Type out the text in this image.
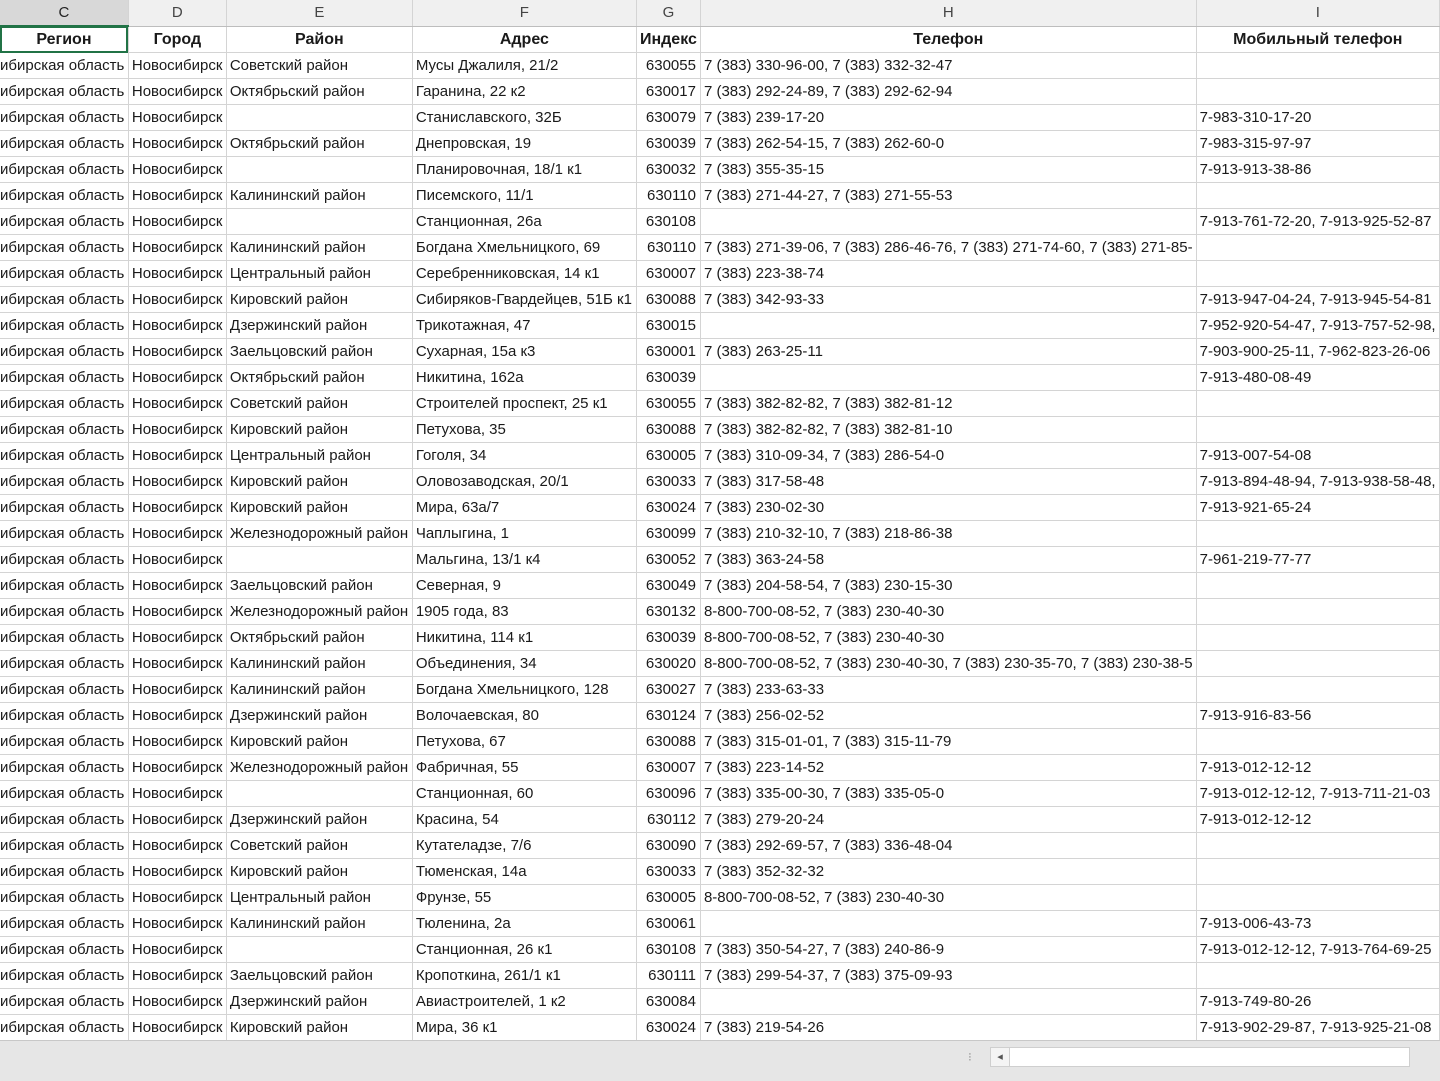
C	D	E	F	G	H	I
Регион	Город	Район	Адрес	Индекс	Телефон	Мобильный телефон
ибирская область	Новосибирск	Советский район	Мусы Джалиля, 21/2	630055	7 (383) 330-96-00, 7 (383) 332-32-47	
ибирская область	Новосибирск	Октябрьский район	Гаранина, 22 к2	630017	7 (383) 292-24-89, 7 (383) 292-62-94	
ибирская область	Новосибирск		Станиславского, 32Б	630079	7 (383) 239-17-20	7-983-310-17-20
ибирская область	Новосибирск	Октябрьский район	Днепровская, 19	630039	7 (383) 262-54-15, 7 (383) 262-60-0	7-983-315-97-97
ибирская область	Новосибирск		Планировочная, 18/1 к1	630032	7 (383) 355-35-15	7-913-913-38-86
ибирская область	Новосибирск	Калининский район	Писемского, 11/1	630110	7 (383) 271-44-27, 7 (383) 271-55-53	
ибирская область	Новосибирск		Станционная, 26а	630108		7-913-761-72-20, 7-913-925-52-87
ибирская область	Новосибирск	Калининский район	Богдана Хмельницкого, 69	630110	7 (383) 271-39-06, 7 (383) 286-46-76, 7 (383) 271-74-60, 7 (383) 271-85-	
ибирская область	Новосибирск	Центральный район	Серебренниковская, 14 к1	630007	7 (383) 223-38-74	
ибирская область	Новосибирск	Кировский район	Сибиряков-Гвардейцев, 51Б к1	630088	7 (383) 342-93-33	7-913-947-04-24, 7-913-945-54-81
ибирская область	Новосибирск	Дзержинский район	Трикотажная, 47	630015		7-952-920-54-47, 7-913-757-52-98,
ибирская область	Новосибирск	Заельцовский район	Сухарная, 15а к3	630001	7 (383) 263-25-11	7-903-900-25-11, 7-962-823-26-06
ибирская область	Новосибирск	Октябрьский район	Никитина, 162а	630039		7-913-480-08-49
ибирская область	Новосибирск	Советский район	Строителей проспект, 25 к1	630055	7 (383) 382-82-82, 7 (383) 382-81-12	
ибирская область	Новосибирск	Кировский район	Петухова, 35	630088	7 (383) 382-82-82, 7 (383) 382-81-10	
ибирская область	Новосибирск	Центральный район	Гоголя, 34	630005	7 (383) 310-09-34, 7 (383) 286-54-0	7-913-007-54-08
ибирская область	Новосибирск	Кировский район	Оловозаводская, 20/1	630033	7 (383) 317-58-48	7-913-894-48-94, 7-913-938-58-48,
ибирская область	Новосибирск	Кировский район	Мира, 63а/7	630024	7 (383) 230-02-30	7-913-921-65-24
ибирская область	Новосибирск	Железнодорожный район	Чаплыгина, 1	630099	7 (383) 210-32-10, 7 (383) 218-86-38	
ибирская область	Новосибирск		Мальгина, 13/1 к4	630052	7 (383) 363-24-58	7-961-219-77-77
ибирская область	Новосибирск	Заельцовский район	Северная, 9	630049	7 (383) 204-58-54, 7 (383) 230-15-30	
ибирская область	Новосибирск	Железнодорожный район	1905 года, 83	630132	8-800-700-08-52, 7 (383) 230-40-30	
ибирская область	Новосибирск	Октябрьский район	Никитина, 114 к1	630039	8-800-700-08-52, 7 (383) 230-40-30	
ибирская область	Новосибирск	Калининский район	Объединения, 34	630020	8-800-700-08-52, 7 (383) 230-40-30, 7 (383) 230-35-70, 7 (383) 230-38-5	
ибирская область	Новосибирск	Калининский район	Богдана Хмельницкого, 128	630027	7 (383) 233-63-33	
ибирская область	Новосибирск	Дзержинский район	Волочаевская, 80	630124	7 (383) 256-02-52	7-913-916-83-56
ибирская область	Новосибирск	Кировский район	Петухова, 67	630088	7 (383) 315-01-01, 7 (383) 315-11-79	
ибирская область	Новосибирск	Железнодорожный район	Фабричная, 55	630007	7 (383) 223-14-52	7-913-012-12-12
ибирская область	Новосибирск		Станционная, 60	630096	7 (383) 335-00-30, 7 (383) 335-05-0	7-913-012-12-12, 7-913-711-21-03
ибирская область	Новосибирск	Дзержинский район	Красина, 54	630112	7 (383) 279-20-24	7-913-012-12-12
ибирская область	Новосибирск	Советский район	Кутателадзе, 7/6	630090	7 (383) 292-69-57, 7 (383) 336-48-04	
ибирская область	Новосибирск	Кировский район	Тюменская, 14а	630033	7 (383) 352-32-32	
ибирская область	Новосибирск	Центральный район	Фрунзе, 55	630005	8-800-700-08-52, 7 (383) 230-40-30	
ибирская область	Новосибирск	Калининский район	Тюленина, 2а	630061		7-913-006-43-73
ибирская область	Новосибирск		Станционная, 26 к1	630108	7 (383) 350-54-27, 7 (383) 240-86-9	7-913-012-12-12, 7-913-764-69-25
ибирская область	Новосибирск	Заельцовский район	Кропоткина, 261/1 к1	630111	7 (383) 299-54-37, 7 (383) 375-09-93	
ибирская область	Новосибирск	Дзержинский район	Авиастроителей, 1 к2	630084		7-913-749-80-26
ибирская область	Новосибирск	Кировский район	Мира, 36 к1	630024	7 (383) 219-54-26	7-913-902-29-87, 7-913-925-21-08
⁝	◂
